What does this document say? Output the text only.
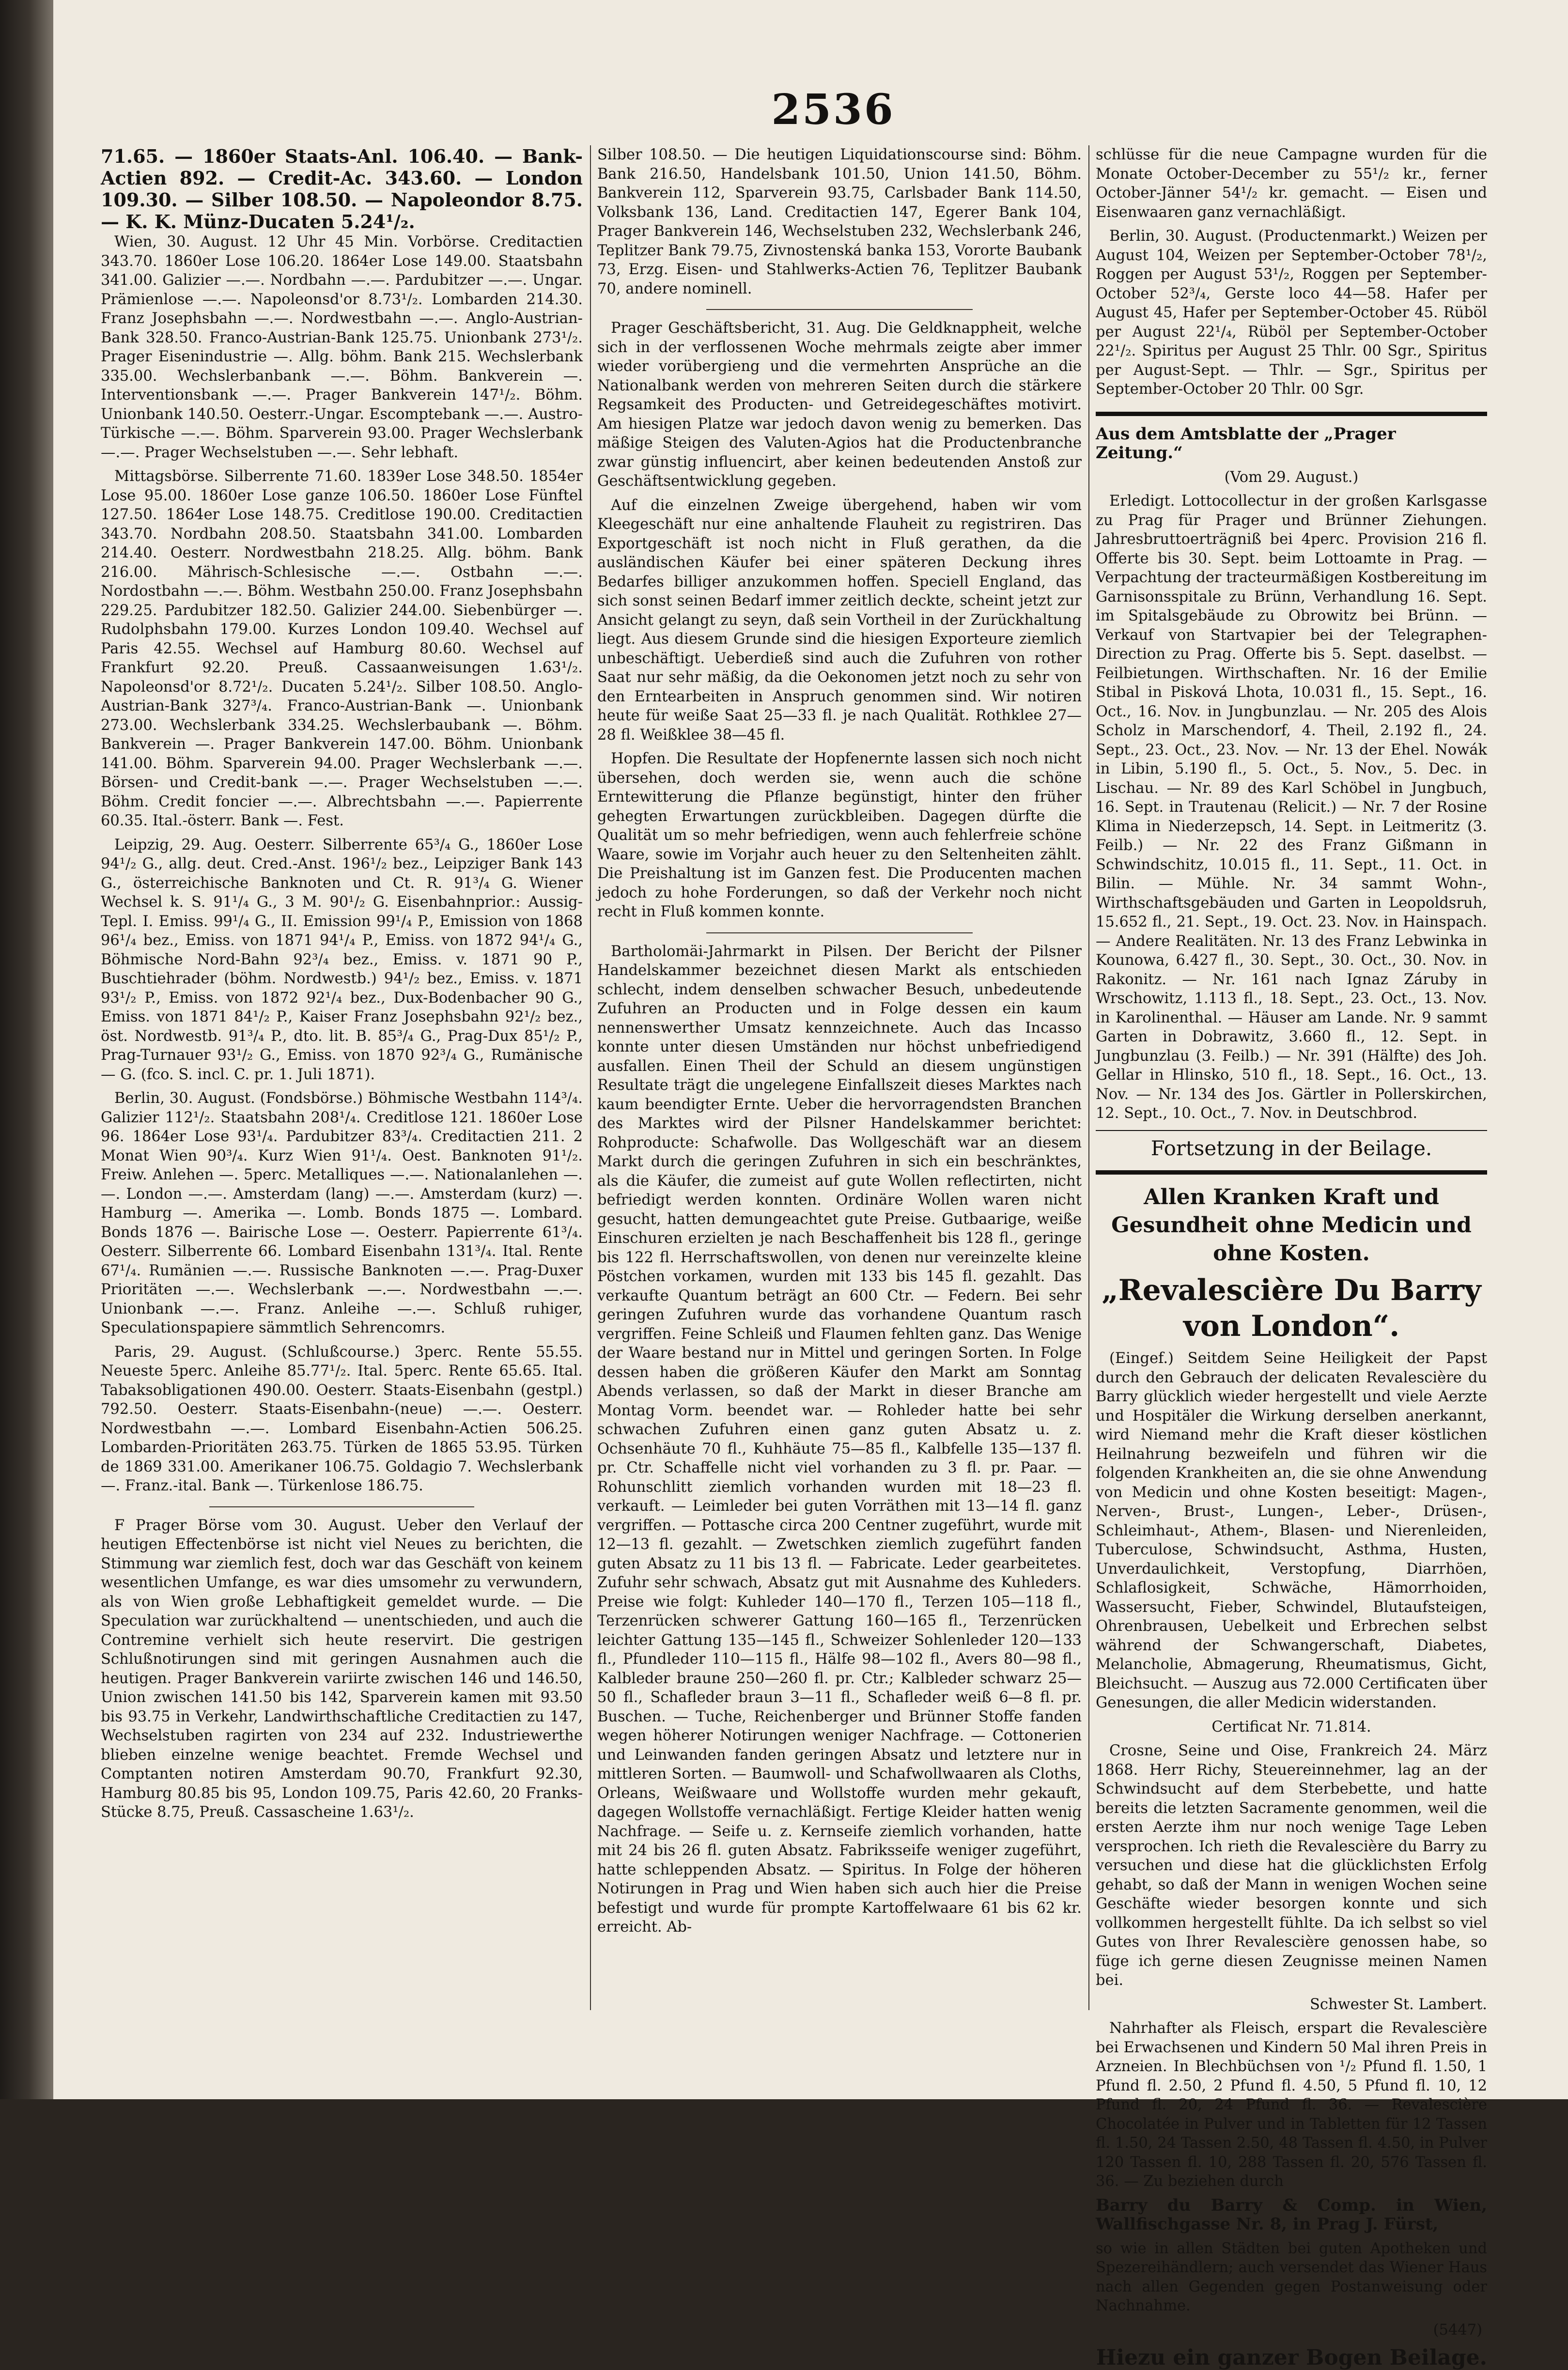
2536
71.65. — 1860er Staats-Anl. 106.40. — Bank-Actien 892. — Credit-Ac. 343.60. — London 109.30. — Silber 108.50. — Napoleondor 8.75. — K. K. Münz-Ducaten 5.24¹/₂.

Wien, 30. August. 12 Uhr 45 Min. Vorbörse. Creditactien 343.70. 1860er Lose 106.20. 1864er Lose 149.00. Staatsbahn 341.00. Galizier —.—. Nordbahn —.—. Pardubitzer —.—. Ungar. Prämienlose —.—. Napoleonsd'or 8.73¹/₂. Lombarden 214.30. Franz Josephsbahn —.—. Nordwestbahn —.—. Anglo-Austrian-Bank 328.50. Franco-Austrian-Bank 125.75. Unionbank 273¹/₂. Prager Eisenindustrie —. Allg. böhm. Bank 215. Wechslerbank 335.00. Wechslerbanbank —.—. Böhm. Bankverein —. Interventionsbank —.—. Prager Bankverein 147¹/₂. Böhm. Unionbank 140.50. Oesterr.-Ungar. Escomptebank —.—. Austro-Türkische —.—. Böhm. Sparverein 93.00. Prager Wechslerbank —.—. Prager Wechselstuben —.—. Sehr lebhaft.

Mittagsbörse. Silberrente 71.60. 1839er Lose 348.50. 1854er Lose 95.00. 1860er Lose ganze 106.50. 1860er Lose Fünftel 127.50. 1864er Lose 148.75. Creditlose 190.00. Creditactien 343.70. Nordbahn 208.50. Staatsbahn 341.00. Lombarden 214.40. Oesterr. Nordwestbahn 218.25. Allg. böhm. Bank 216.00. Mährisch-Schlesische —.—. Ostbahn —.—. Nordostbahn —.—. Böhm. Westbahn 250.00. Franz Josephsbahn 229.25. Pardubitzer 182.50. Galizier 244.00. Siebenbürger —. Rudolphsbahn 179.00. Kurzes London 109.40. Wechsel auf Paris 42.55. Wechsel auf Hamburg 80.60. Wechsel auf Frankfurt 92.20. Preuß. Cassaanweisungen 1.63¹/₂. Napoleonsd'or 8.72¹/₂. Ducaten 5.24¹/₂. Silber 108.50. Anglo-Austrian-Bank 327³/₄. Franco-Austrian-Bank —. Unionbank 273.00. Wechslerbank 334.25. Wechslerbaubank —. Böhm. Bankverein —. Prager Bankverein 147.00. Böhm. Unionbank 141.00. Böhm. Sparverein 94.00. Prager Wechslerbank —.—. Börsen- und Credit-bank —.—. Prager Wechselstuben —.—. Böhm. Credit foncier —.—. Albrechtsbahn —.—. Papierrente 60.35. Ital.-österr. Bank —. Fest.

Leipzig, 29. Aug. Oesterr. Silberrente 65³/₄ G., 1860er Lose 94¹/₂ G., allg. deut. Cred.-Anst. 196¹/₂ bez., Leipziger Bank 143 G., österreichische Banknoten und Ct. R. 91³/₄ G. Wiener Wechsel k. S. 91¹/₄ G., 3 M. 90¹/₂ G. Eisenbahnprior.: Aussig-Tepl. I. Emiss. 99¹/₄ G., II. Emission 99¹/₄ P., Emission von 1868 96¹/₄ bez., Emiss. von 1871 94¹/₄ P., Emiss. von 1872 94¹/₄ G., Böhmische Nord-Bahn 92³/₄ bez., Emiss. v. 1871 90 P., Buschtiehrader (böhm. Nordwestb.) 94¹/₂ bez., Emiss. v. 1871 93¹/₂ P., Emiss. von 1872 92¹/₄ bez., Dux-Bodenbacher 90 G., Emiss. von 1871 84¹/₂ P., Kaiser Franz Josephsbahn 92¹/₂ bez., öst. Nordwestb. 91³/₄ P., dto. lit. B. 85³/₄ G., Prag-Dux 85¹/₂ P., Prag-Turnauer 93¹/₂ G., Emiss. von 1870 92³/₄ G., Rumänische — G. (fco. S. incl. C. pr. 1. Juli 1871).

Berlin, 30. August. (Fondsbörse.) Böhmische Westbahn 114³/₄. Galizier 112¹/₂. Staatsbahn 208¹/₄. Creditlose 121. 1860er Lose 96. 1864er Lose 93¹/₄. Pardubitzer 83³/₄. Creditactien 211. 2 Monat Wien 90³/₄. Kurz Wien 91¹/₄. Oest. Banknoten 91¹/₂. Freiw. Anlehen —. 5perc. Metalliques —.—. Nationalanlehen —.—. London —.—. Amsterdam (lang) —.—. Amsterdam (kurz) —. Hamburg —. Amerika —. Lomb. Bonds 1875 —. Lombard. Bonds 1876 —. Bairische Lose —. Oesterr. Papierrente 61³/₄. Oesterr. Silberrente 66. Lombard Eisenbahn 131³/₄. Ital. Rente 67¹/₄. Rumänien —.—. Russische Banknoten —.—. Prag-Duxer Prioritäten —.—. Wechslerbank —.—. Nordwestbahn —.—. Unionbank —.—. Franz. Anleihe —.—. Schluß ruhiger, Speculationspapiere sämmtlich Sehrencomrs.

Paris, 29. August. (Schlußcourse.) 3perc. Rente 55.55. Neueste 5perc. Anleihe 85.77¹/₂. Ital. 5perc. Rente 65.65. Ital. Tabaksobligationen 490.00. Oesterr. Staats-Eisenbahn (gestpl.) 792.50. Oesterr. Staats-Eisenbahn-(neue) —.—. Oesterr. Nordwestbahn —.—. Lombard Eisenbahn-Actien 506.25. Lombarden-Prioritäten 263.75. Türken de 1865 53.95. Türken de 1869 331.00. Amerikaner 106.75. Goldagio 7. Wechslerbank —. Franz.-ital. Bank —. Türkenlose 186.75.

F Prager Börse vom 30. August. Ueber den Verlauf der heutigen Effectenbörse ist nicht viel Neues zu berichten, die Stimmung war ziemlich fest, doch war das Geschäft von keinem wesentlichen Umfange, es war dies umsomehr zu verwundern, als von Wien große Lebhaftigkeit gemeldet wurde. — Die Speculation war zurückhaltend — unentschieden, und auch die Contremine verhielt sich heute reservirt. Die gestrigen Schlußnotirungen sind mit geringen Ausnahmen auch die heutigen. Prager Bankverein variirte zwischen 146 und 146.50, Union zwischen 141.50 bis 142, Sparverein kamen mit 93.50 bis 93.75 in Verkehr, Landwirthschaftliche Creditactien zu 147, Wechselstuben ragirten von 234 auf 232. Industriewerthe blieben einzelne wenige beachtet. Fremde Wechsel und Comptanten notiren Amsterdam 90.70, Frankfurt 92.30, Hamburg 80.85 bis 95, London 109.75, Paris 42.60, 20 Franks-Stücke 8.75, Preuß. Cassascheine 1.63¹/₂.

Silber 108.50. — Die heutigen Liquidationscourse sind: Böhm. Bank 216.50, Handelsbank 101.50, Union 141.50, Böhm. Bankverein 112, Sparverein 93.75, Carlsbader Bank 114.50, Volksbank 136, Land. Creditactien 147, Egerer Bank 104, Prager Bankverein 146, Wechselstuben 232, Wechslerbank 246, Teplitzer Bank 79.75, Zivnostenská banka 153, Vororte Baubank 73, Erzg. Eisen- und Stahlwerks-Actien 76, Teplitzer Baubank 70, andere nominell.

Prager Geschäftsbericht, 31. Aug. Die Geldknappheit, welche sich in der verflossenen Woche mehrmals zeigte aber immer wieder vorübergieng und die vermehrten Ansprüche an die Nationalbank werden von mehreren Seiten durch die stärkere Regsamkeit des Producten- und Getreidegeschäftes motivirt. Am hiesigen Platze war jedoch davon wenig zu bemerken. Das mäßige Steigen des Valuten-Agios hat die Productenbranche zwar günstig influencirt, aber keinen bedeutenden Anstoß zur Geschäftsentwicklung gegeben.

Auf die einzelnen Zweige übergehend, haben wir vom Kleegeschäft nur eine anhaltende Flauheit zu registriren. Das Exportgeschäft ist noch nicht in Fluß gerathen, da die ausländischen Käufer bei einer späteren Deckung ihres Bedarfes billiger anzukommen hoffen. Speciell England, das sich sonst seinen Bedarf immer zeitlich deckte, scheint jetzt zur Ansicht gelangt zu seyn, daß sein Vortheil in der Zurückhaltung liegt. Aus diesem Grunde sind die hiesigen Exporteure ziemlich unbeschäftigt. Ueberdieß sind auch die Zufuhren von rother Saat nur sehr mäßig, da die Oekonomen jetzt noch zu sehr von den Erntearbeiten in Anspruch genommen sind. Wir notiren heute für weiße Saat 25—33 fl. je nach Qualität. Rothklee 27—28 fl. Weißklee 38—45 fl.

Hopfen. Die Resultate der Hopfenernte lassen sich noch nicht übersehen, doch werden sie, wenn auch die schöne Erntewitterung die Pflanze begünstigt, hinter den früher gehegten Erwartungen zurückbleiben. Dagegen dürfte die Qualität um so mehr befriedigen, wenn auch fehlerfreie schöne Waare, sowie im Vorjahr auch heuer zu den Seltenheiten zählt. Die Preishaltung ist im Ganzen fest. Die Producenten machen jedoch zu hohe Forderungen, so daß der Verkehr noch nicht recht in Fluß kommen konnte.

Bartholomäi-Jahrmarkt in Pilsen. Der Bericht der Pilsner Handelskammer bezeichnet diesen Markt als entschieden schlecht, indem denselben schwacher Besuch, unbedeutende Zufuhren an Producten und in Folge dessen ein kaum nennenswerther Umsatz kennzeichnete. Auch das Incasso konnte unter diesen Umständen nur höchst unbefriedigend ausfallen. Einen Theil der Schuld an diesem ungünstigen Resultate trägt die ungelegene Einfallszeit dieses Marktes nach kaum beendigter Ernte. Ueber die hervorragendsten Branchen des Marktes wird der Pilsner Handelskammer berichtet: Rohproducte: Schafwolle. Das Wollgeschäft war an diesem Markt durch die geringen Zufuhren in sich ein beschränktes, als die Käufer, die zumeist auf gute Wollen reflectirten, nicht befriedigt werden konnten. Ordinäre Wollen waren nicht gesucht, hatten demungeachtet gute Preise. Gutbaarige, weiße Einschuren erzielten je nach Beschaffenheit bis 128 fl., geringe bis 122 fl. Herrschaftswollen, von denen nur vereinzelte kleine Pöstchen vorkamen, wurden mit 133 bis 145 fl. gezahlt. Das verkaufte Quantum beträgt an 600 Ctr. — Federn. Bei sehr geringen Zufuhren wurde das vorhandene Quantum rasch vergriffen. Feine Schleiß und Flaumen fehlten ganz. Das Wenige der Waare bestand nur in Mittel und geringen Sorten. In Folge dessen haben die größeren Käufer den Markt am Sonntag Abends verlassen, so daß der Markt in dieser Branche am Montag Vorm. beendet war. — Rohleder hatte bei sehr schwachen Zufuhren einen ganz guten Absatz u. z. Ochsenhäute 70 fl., Kuhhäute 75—85 fl., Kalbfelle 135—137 fl. pr. Ctr. Schaffelle nicht viel vorhanden zu 3 fl. pr. Paar. — Rohunschlitt ziemlich vorhanden wurden mit 18—23 fl. verkauft. — Leimleder bei guten Vorräthen mit 13—14 fl. ganz vergriffen. — Pottasche circa 200 Centner zugeführt, wurde mit 12—13 fl. gezahlt. — Zwetschken ziemlich zugeführt fanden guten Absatz zu 11 bis 13 fl. — Fabricate. Leder gearbeitetes. Zufuhr sehr schwach, Absatz gut mit Ausnahme des Kuhleders. Preise wie folgt: Kuhleder 140—170 fl., Terzen 105—118 fl., Terzenrücken schwerer Gattung 160—165 fl., Terzenrücken leichter Gattung 135—145 fl., Schweizer Sohlenleder 120—133 fl., Pfundleder 110—115 fl., Hälfe 98—102 fl., Avers 80—98 fl., Kalbleder braune 250—260 fl. pr. Ctr.; Kalbleder schwarz 25—50 fl., Schafleder braun 3—11 fl., Schafleder weiß 6—8 fl. pr. Buschen. — Tuche, Reichenberger und Brünner Stoffe fanden wegen höherer Notirungen weniger Nachfrage. — Cottonerien und Leinwanden fanden geringen Absatz und letztere nur in mittleren Sorten. — Baumwoll- und Schafwollwaaren als Cloths, Orleans, Weißwaare und Wollstoffe wurden mehr gekauft, dagegen Wollstoffe vernachläßigt. Fertige Kleider hatten wenig Nachfrage. — Seife u. z. Kernseife ziemlich vorhanden, hatte mit 24 bis 26 fl. guten Absatz. Fabriksseife weniger zugeführt, hatte schleppenden Absatz. — Spiritus. In Folge der höheren Notirungen in Prag und Wien haben sich auch hier die Preise befestigt und wurde für prompte Kartoffelwaare 61 bis 62 kr. erreicht. Ab-

schlüsse für die neue Campagne wurden für die Monate October-December zu 55¹/₂ kr., ferner October-Jänner 54¹/₂ kr. gemacht. — Eisen und Eisenwaaren ganz vernachläßigt.

Berlin, 30. August. (Productenmarkt.) Weizen per August 104, Weizen per September-October 78¹/₂, Roggen per August 53¹/₂, Roggen per September-October 52³/₄, Gerste loco 44—58. Hafer per August 45, Hafer per September-October 45. Rüböl per August 22¹/₄, Rüböl per September-October 22¹/₂. Spiritus per August 25 Thlr. 00 Sgr., Spiritus per August-Sept. — Thlr. — Sgr., Spiritus per September-October 20 Thlr. 00 Sgr.

Aus dem Amtsblatte der „Prager Zeitung.“

(Vom 29. August.)

Erledigt. Lottocollectur in der großen Karlsgasse zu Prag für Prager und Brünner Ziehungen. Jahresbruttoerträgniß bei 4perc. Provision 216 fl. Offerte bis 30. Sept. beim Lottoamte in Prag. — Verpachtung der tracteurmäßigen Kostbereitung im Garnisonsspitale zu Brünn, Verhandlung 16. Sept. im Spitalsgebäude zu Obrowitz bei Brünn. — Verkauf von Startvapier bei der Telegraphen-Direction zu Prag. Offerte bis 5. Sept. daselbst. — Feilbietungen. Wirthschaften. Nr. 16 der Emilie Stibal in Pisková Lhota, 10.031 fl., 15. Sept., 16. Oct., 16. Nov. in Jungbunzlau. — Nr. 205 des Alois Scholz in Marschendorf, 4. Theil, 2.192 fl., 24. Sept., 23. Oct., 23. Nov. — Nr. 13 der Ehel. Nowák in Libin, 5.190 fl., 5. Oct., 5. Nov., 5. Dec. in Lischau. — Nr. 89 des Karl Schöbel in Jungbuch, 16. Sept. in Trautenau (Relicit.) — Nr. 7 der Rosine Klima in Niederzepsch, 14. Sept. in Leitmeritz (3. Feilb.) — Nr. 22 des Franz Gißmann in Schwindschitz, 10.015 fl., 11. Sept., 11. Oct. in Bilin. — Mühle. Nr. 34 sammt Wohn-, Wirthschaftsgebäuden und Garten in Leopoldsruh, 15.652 fl., 21. Sept., 19. Oct. 23. Nov. in Hainspach. — Andere Realitäten. Nr. 13 des Franz Lebwinka in Kounowa, 6.427 fl., 30. Sept., 30. Oct., 30. Nov. in Rakonitz. — Nr. 161 nach Ignaz Záruby in Wrschowitz, 1.113 fl., 18. Sept., 23. Oct., 13. Nov. in Karolinenthal. — Häuser am Lande. Nr. 9 sammt Garten in Dobrawitz, 3.660 fl., 12. Sept. in Jungbunzlau (3. Feilb.) — Nr. 391 (Hälfte) des Joh. Gellar in Hlinsko, 510 fl., 18. Sept., 16. Oct., 13. Nov. — Nr. 134 des Jos. Gärtler in Pollerskirchen, 12. Sept., 10. Oct., 7. Nov. in Deutschbrod.

Fortsetzung in der Beilage.

Allen Kranken Kraft und Gesundheit ohne Medicin und ohne Kosten.

„Revalescière Du Barry von London“.

(Eingef.) Seitdem Seine Heiligkeit der Papst durch den Gebrauch der delicaten Revalescière du Barry glücklich wieder hergestellt und viele Aerzte und Hospitäler die Wirkung derselben anerkannt, wird Niemand mehr die Kraft dieser köstlichen Heilnahrung bezweifeln und führen wir die folgenden Krankheiten an, die sie ohne Anwendung von Medicin und ohne Kosten beseitigt: Magen-, Nerven-, Brust-, Lungen-, Leber-, Drüsen-, Schleimhaut-, Athem-, Blasen- und Nierenleiden, Tuberculose, Schwindsucht, Asthma, Husten, Unverdaulichkeit, Verstopfung, Diarrhöen, Schlaflosigkeit, Schwäche, Hämorrhoiden, Wassersucht, Fieber, Schwindel, Blutaufsteigen, Ohrenbrausen, Uebelkeit und Erbrechen selbst während der Schwangerschaft, Diabetes, Melancholie, Abmagerung, Rheumatismus, Gicht, Bleichsucht. — Auszug aus 72.000 Certificaten über Genesungen, die aller Medicin widerstanden.

Certificat Nr. 71.814.

Crosne, Seine und Oise, Frankreich 24. März 1868. Herr Richy, Steuereinnehmer, lag an der Schwindsucht auf dem Sterbebette, und hatte bereits die letzten Sacramente genommen, weil die ersten Aerzte ihm nur noch wenige Tage Leben versprochen. Ich rieth die Revalescière du Barry zu versuchen und diese hat die glücklichsten Erfolg gehabt, so daß der Mann in wenigen Wochen seine Geschäfte wieder besorgen konnte und sich vollkommen hergestellt fühlte. Da ich selbst so viel Gutes von Ihrer Revalescière genossen habe, so füge ich gerne diesen Zeugnisse meinen Namen bei.

Schwester St. Lambert.

Nahrhafter als Fleisch, erspart die Revalescière bei Erwachsenen und Kindern 50 Mal ihren Preis in Arzneien. In Blechbüchsen von ¹/₂ Pfund fl. 1.50, 1 Pfund fl. 2.50, 2 Pfund fl. 4.50, 5 Pfund fl. 10, 12 Pfund fl. 20, 24 Pfund fl. 36. — Revalescière Chocolatée in Pulver und in Tabletten für 12 Tassen fl. 1.50, 24 Tassen 2.50, 48 Tassen fl. 4.50, in Pulver 120 Tassen fl. 10, 288 Tassen fl. 20, 576 Tassen fl. 36. — Zu beziehen durch

Barry du Barry & Comp. in Wien, Wallfischgasse Nr. 8, in Prag J. Fürst,

so wie in allen Städten bei guten Apotheken und Spezereihändlern; auch versendet das Wiener Haus nach allen Gegenden gegen Postanweisung oder Nachnahme.

(5447)

Hiezu ein ganzer Bogen Beilage.
